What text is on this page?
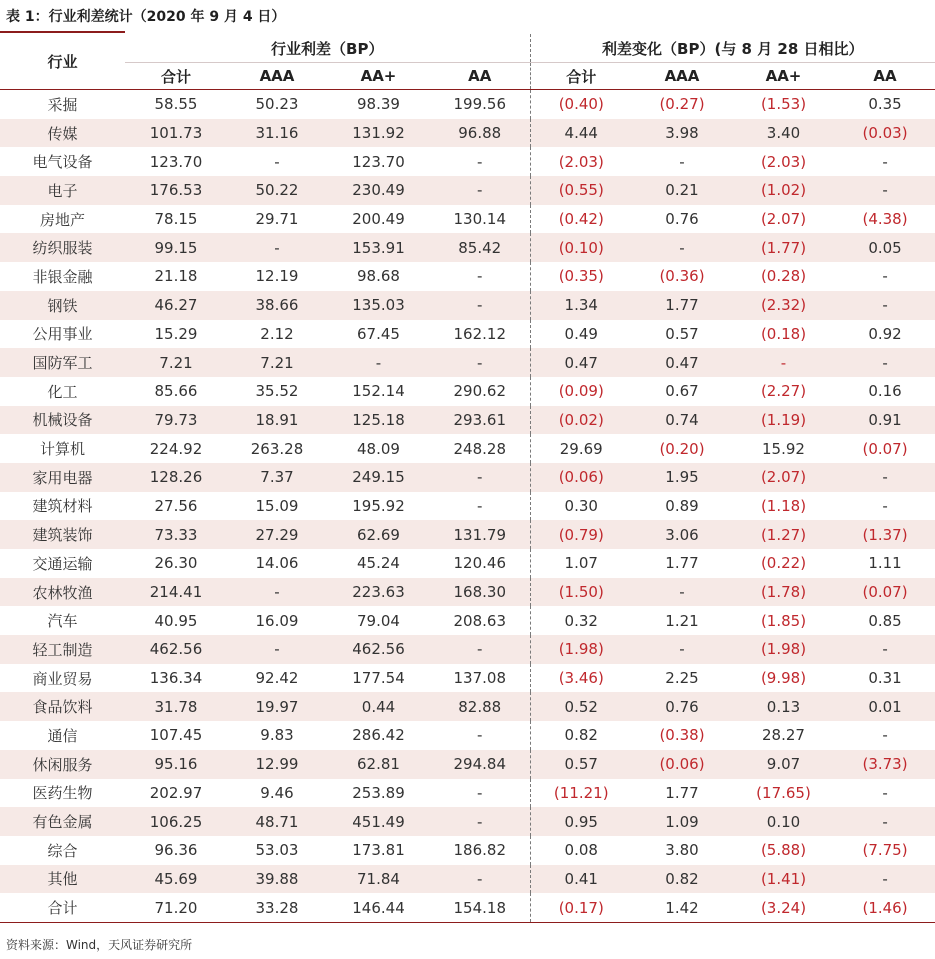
表 1：行业利差统计（2020 年 9 月 4 日）
行业	行业利差（BP）				利差变化（BP）(与 8 月 28 日相比）			
	合计	AAA	AA+	AA	合计	AAA	AA+	AA
采掘	58.55	50.23	98.39	199.56	(0.40)	(0.27)	(1.53)	0.35
传媒	101.73	31.16	131.92	96.88	4.44	3.98	3.40	(0.03)
电气设备	123.70	-	123.70	-	(2.03)	-	(2.03)	-
电子	176.53	50.22	230.49	-	(0.55)	0.21	(1.02)	-
房地产	78.15	29.71	200.49	130.14	(0.42)	0.76	(2.07)	(4.38)
纺织服装	99.15	-	153.91	85.42	(0.10)	-	(1.77)	0.05
非银金融	21.18	12.19	98.68	-	(0.35)	(0.36)	(0.28)	-
钢铁	46.27	38.66	135.03	-	1.34	1.77	(2.32)	-
公用事业	15.29	2.12	67.45	162.12	0.49	0.57	(0.18)	0.92
国防军工	7.21	7.21	-	-	0.47	0.47	-	-
化工	85.66	35.52	152.14	290.62	(0.09)	0.67	(2.27)	0.16
机械设备	79.73	18.91	125.18	293.61	(0.02)	0.74	(1.19)	0.91
计算机	224.92	263.28	48.09	248.28	29.69	(0.20)	15.92	(0.07)
家用电器	128.26	7.37	249.15	-	(0.06)	1.95	(2.07)	-
建筑材料	27.56	15.09	195.92	-	0.30	0.89	(1.18)	-
建筑装饰	73.33	27.29	62.69	131.79	(0.79)	3.06	(1.27)	(1.37)
交通运输	26.30	14.06	45.24	120.46	1.07	1.77	(0.22)	1.11
农林牧渔	214.41	-	223.63	168.30	(1.50)	-	(1.78)	(0.07)
汽车	40.95	16.09	79.04	208.63	0.32	1.21	(1.85)	0.85
轻工制造	462.56	-	462.56	-	(1.98)	-	(1.98)	-
商业贸易	136.34	92.42	177.54	137.08	(3.46)	2.25	(9.98)	0.31
食品饮料	31.78	19.97	0.44	82.88	0.52	0.76	0.13	0.01
通信	107.45	9.83	286.42	-	0.82	(0.38)	28.27	-
休闲服务	95.16	12.99	62.81	294.84	0.57	(0.06)	9.07	(3.73)
医药生物	202.97	9.46	253.89	-	(11.21)	1.77	(17.65)	-
有色金属	106.25	48.71	451.49	-	0.95	1.09	0.10	-
综合	96.36	53.03	173.81	186.82	0.08	3.80	(5.88)	(7.75)
其他	45.69	39.88	71.84	-	0.41	0.82	(1.41)	-
合计	71.20	33.28	146.44	154.18	(0.17)	1.42	(3.24)	(1.46)
资料来源：Wind，天风证券研究所
